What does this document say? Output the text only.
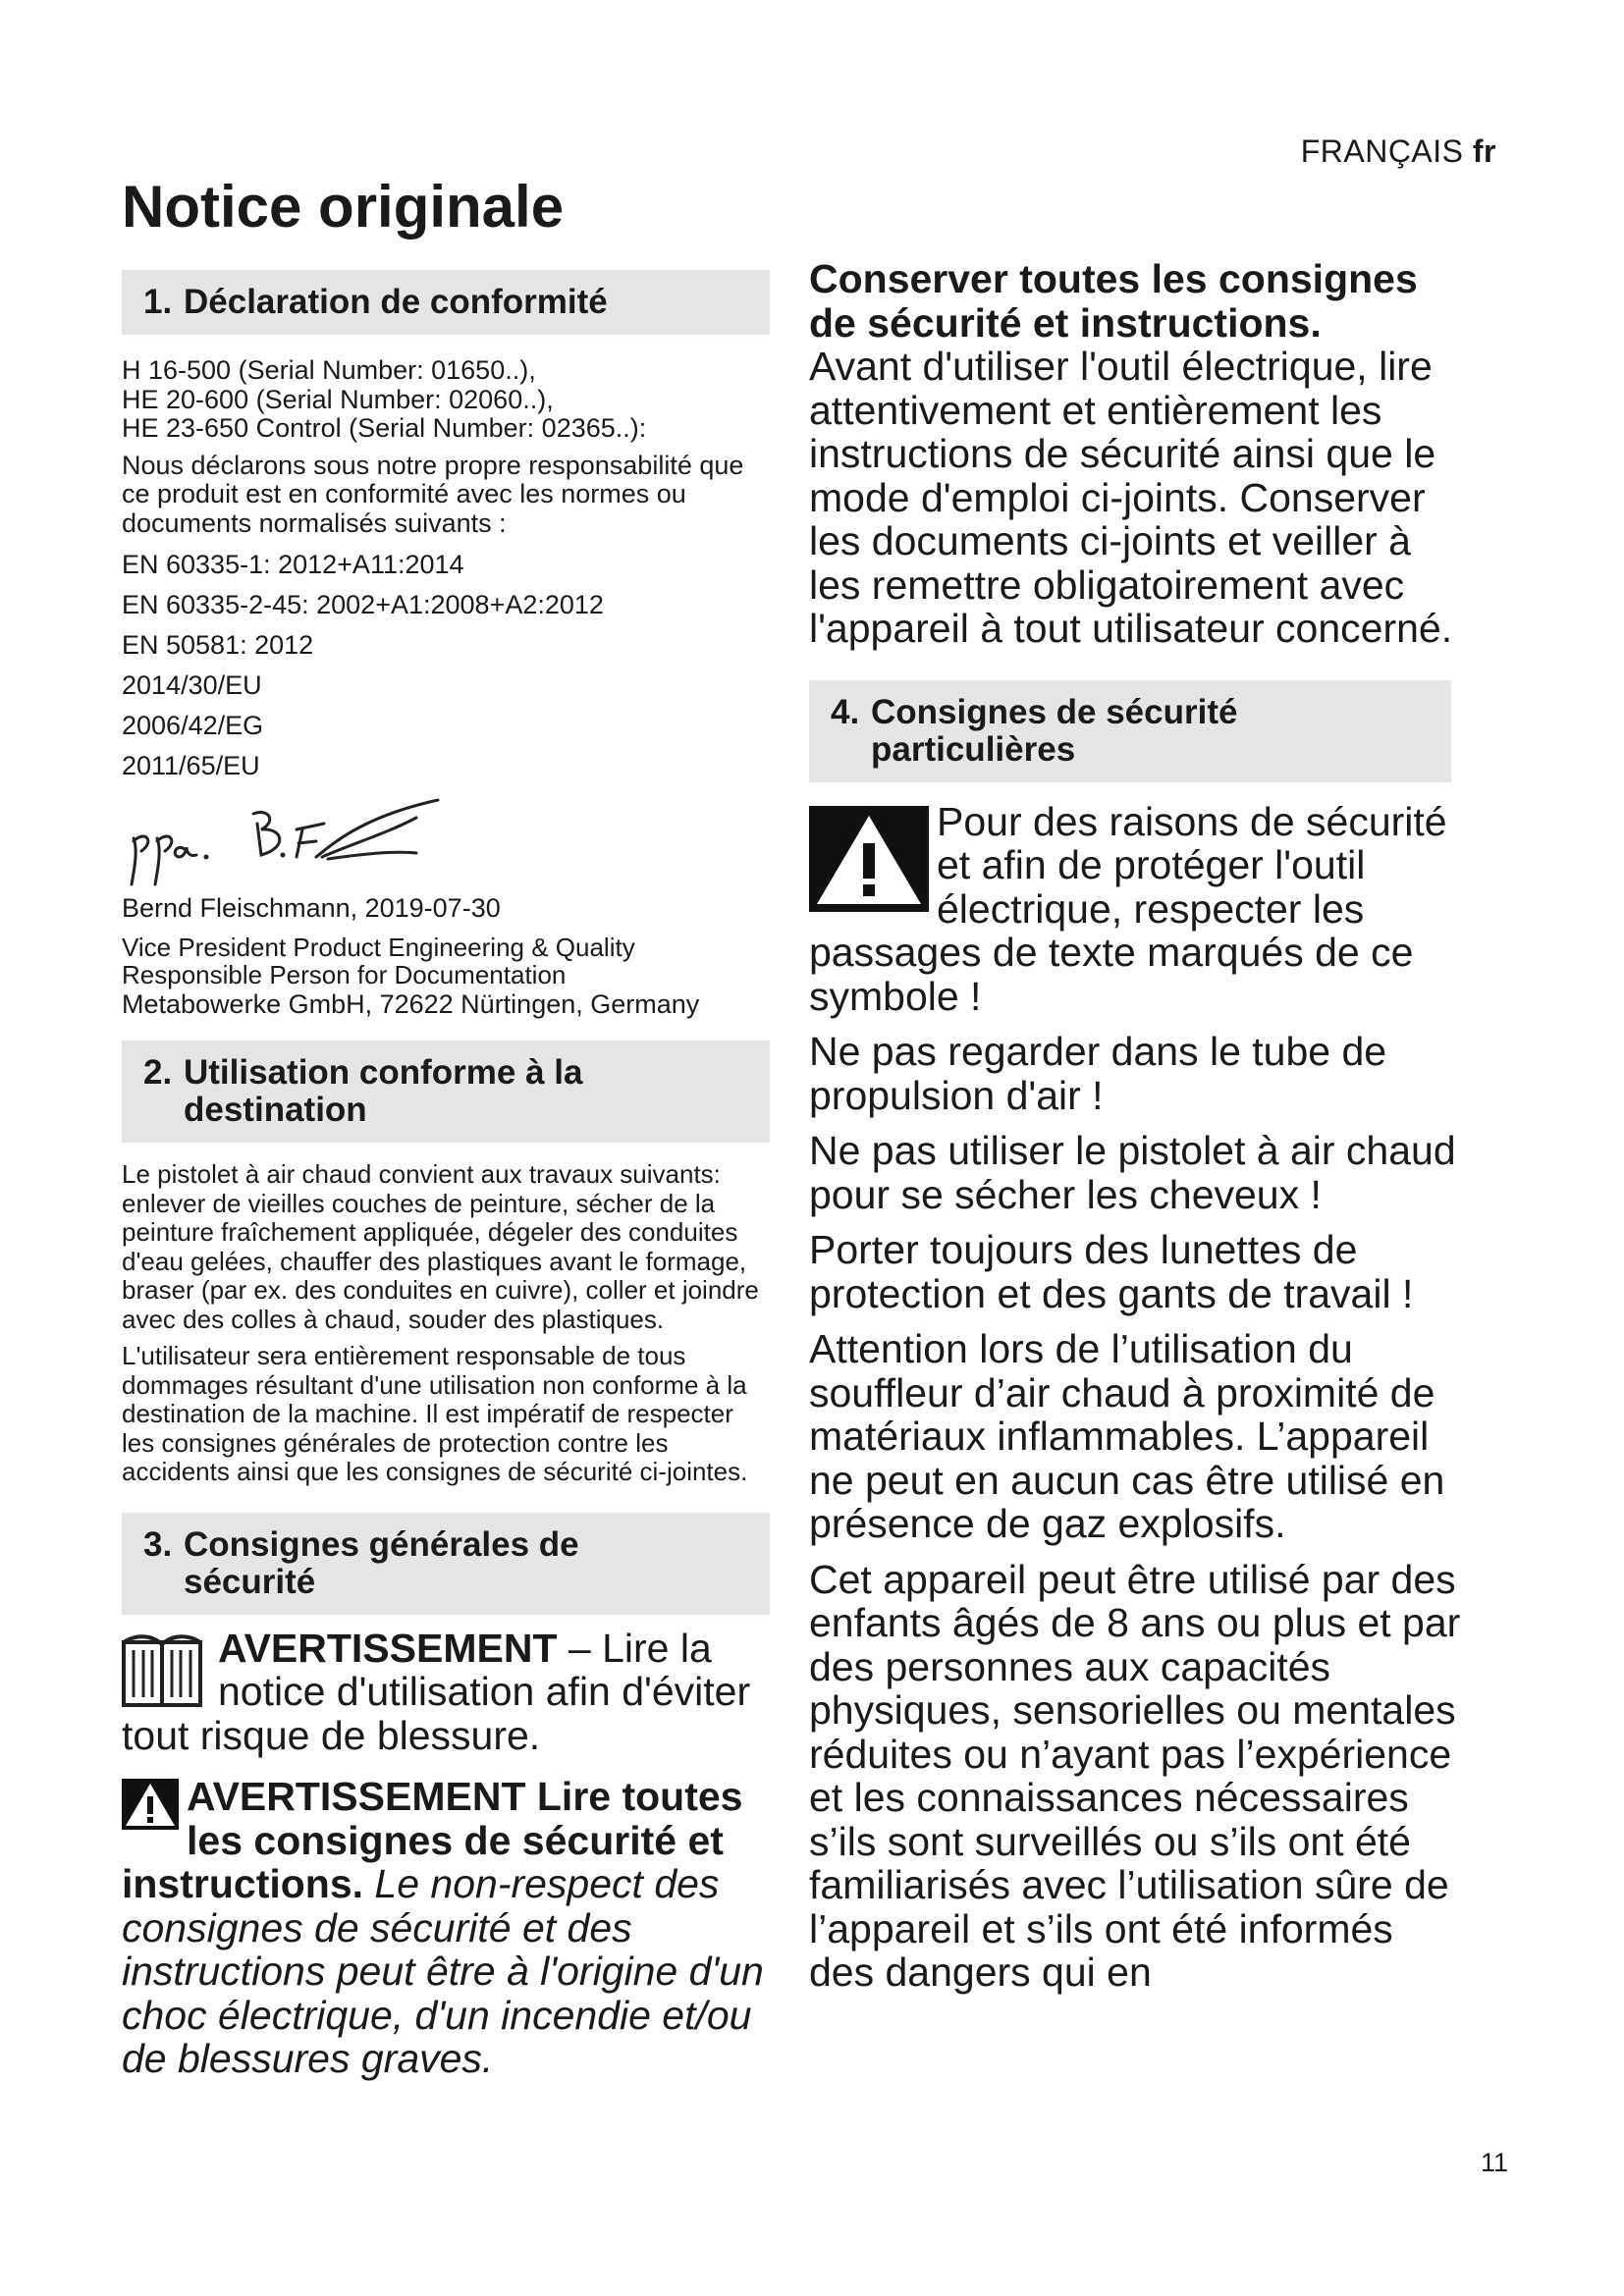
FRANÇAIS fr
Notice originale
1. Déclaration de conformité

H 16-500 (Serial Number: 01650..),
HE 20-600 (Serial Number: 02060..),
HE 23-650 Control (Serial Number: 02365..):

Nous déclarons sous notre propre responsabilité que ce produit est en conformité avec les normes ou documents normalisés suivants :

EN 60335-1: 2012+A11:2014

EN 60335-2-45: 2002+A1:2008+A2:2012

EN 50581: 2012

2014/30/EU

2006/42/EG

2011/65/EU

Bernd Fleischmann, 2019-07-30

Vice President Product Engineering & Quality
Responsible Person for Documentation

Metabowerke GmbH, 72622 Nürtingen, Germany

2. Utilisation conforme à la
destination

Le pistolet à air chaud convient aux travaux suivants:
enlever de vieilles couches de peinture, sécher de la peinture fraîchement appliquée, dégeler des conduites d'eau gelées, chauffer des plastiques avant le formage, braser (par ex. des conduites en cuivre), coller et joindre avec des colles à chaud, souder des plastiques.

L'utilisateur sera entièrement responsable de tous dommages résultant d'une utilisation non conforme à la destination de la machine. Il est impératif de respecter les consignes générales de protection contre les accidents ainsi que les consignes de sécurité ci-jointes.

3. Consignes générales de
sécurité

AVERTISSEMENT – Lire la notice d'utilisation afin d'éviter tout risque de blessure.

AVERTISSEMENT Lire toutes les consignes de sécurité et instructions. Le non-respect des consignes de sécurité et des instructions peut être à l'origine d'un choc électrique, d'un incendie et/ou de blessures graves.

Conserver toutes les consignes de sécurité et instructions.
Avant d'utiliser l'outil électrique, lire attentivement et entièrement les instructions de sécurité ainsi que le mode d'emploi ci-joints. Conserver les documents ci-joints et veiller à les remettre obligatoirement avec l'appareil à tout utilisateur concerné.

4. Consignes de sécurité
particulières

Pour des raisons de sécurité et afin de protéger l'outil électrique, respecter les passages de texte marqués de ce symbole !

Ne pas regarder dans le tube de propulsion d'air !

Ne pas utiliser le pistolet à air chaud pour se sécher les cheveux !

Porter toujours des lunettes de protection et des gants de travail !

Attention lors de l’utilisation du souffleur d’air chaud à proximité de matériaux inflammables. L’appareil ne peut en aucun cas être utilisé en présence de gaz explosifs.

Cet appareil peut être utilisé par des enfants âgés de 8 ans ou plus et par des personnes aux capacités physiques, sensorielles ou mentales réduites ou n’ayant pas l’expérience et les connaissances nécessaires s’ils sont surveillés ou s’ils ont été familiarisés avec l’utilisation sûre de l’appareil et s’ils ont été informés des dangers qui en

11
